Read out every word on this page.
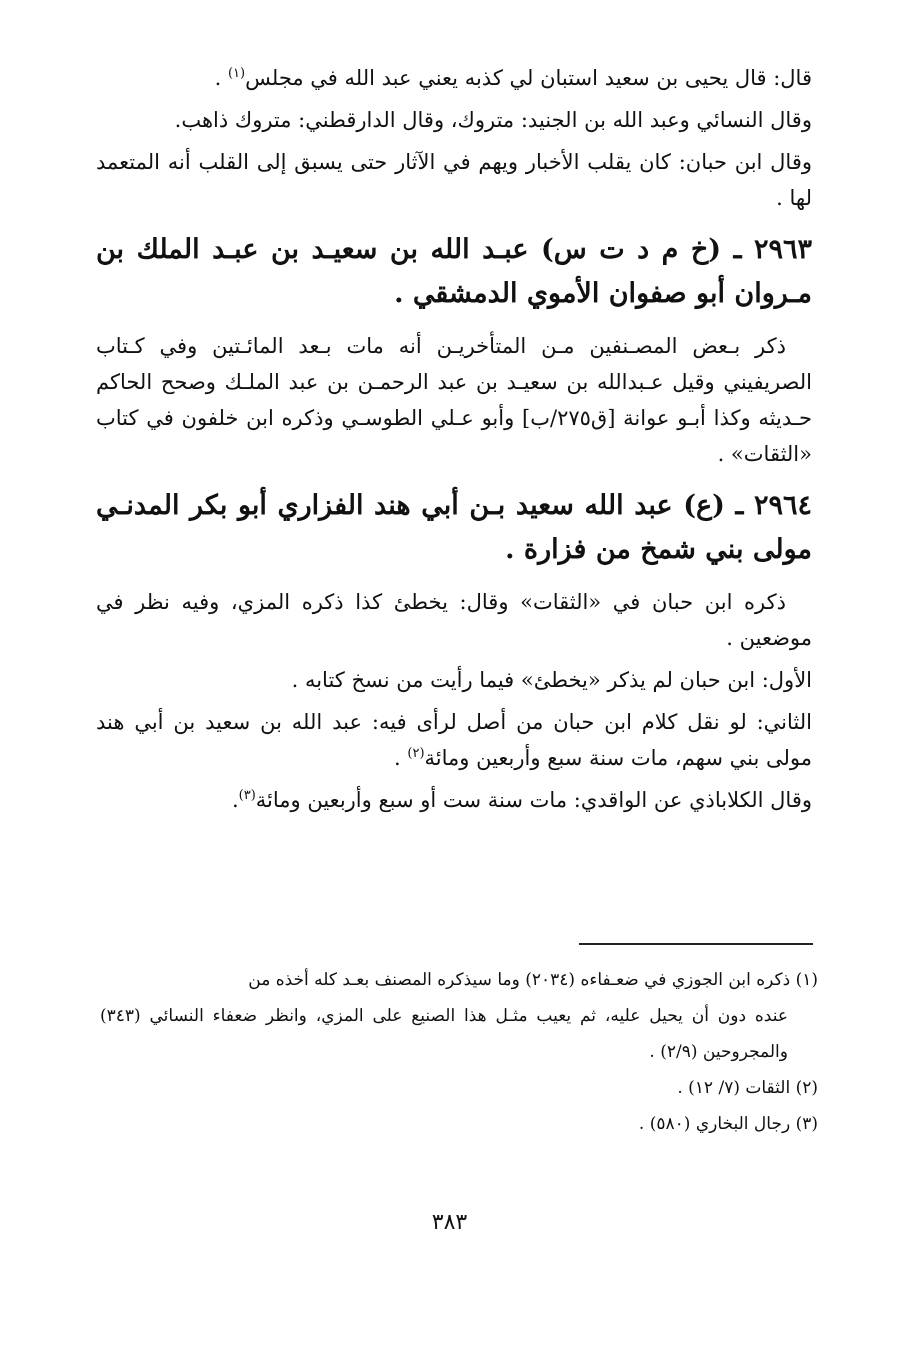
قال: قال يحيى بن سعيد استبان لي كذبه يعني عبد الله في مجلس$^{(١)}$ .

وقال النسائي وعبد الله بن الجنيد: متروك، وقال الدارقطني: متروك ذاهب.

وقال ابن حبان: كان يقلب الأخبار ويهم في الآثار حتى يسبق إلى القلب أنه المتعمد لها .

٢٩٦٣ ـ (خ م د ت س) عبـد الله بن سعيـد بن عبـد الملك بن مـروان أبو صفوان الأموي الدمشقي .

ذكر بـعض المصـنفين مـن المتأخريـن أنه مات بـعد المائـتين وفي كـتاب الصريفيني وقيل عـبدالله بن سعيـد بن عبد الرحمـن بن عبد الملـك وصحح الحاكم حـديثه وكذا أبـو عوانة [ق٢٧٥/ب] وأبو عـلي الطوسـي وذكره ابن خلفون في كتاب «الثقات» .

٢٩٦٤ ـ (ع) عبد الله سعيد بـن أبي هند الفزاري أبو بكر المدنـي مولى بني شمخ من فزارة .

ذكره ابن حبان في «الثقات» وقال: يخطئ كذا ذكره المزي، وفيه نظر في موضعين .

الأول: ابن حبان لم يذكر «يخطئ» فيما رأيت من نسخ كتابه .

الثاني: لو نقل كلام ابن حبان من أصل لرأى فيه: عبد الله بن سعيد بن أبي هند مولى بني سهم، مات سنة سبع وأربعين ومائة$^{(٢)}$ .

وقال الكلاباذي عن الواقدي: مات سنة ست أو سبع وأربعين ومائة$^{(٣)}$.

(١) ذكره ابن الجوزي في ضعـفاءه (٢٠٣٤) وما سيذكره المصنف بعـد كله أخذه من

عنده دون أن يحيل عليه، ثم يعيب مثـل هذا الصنيع على المزي، وانظر ضعفاء النسائي (٣٤٣) والمجروحين (٢/٩) .

(٢) الثقات (٧/ ١٢) .

(٣) رجال البخاري (٥٨٠) .

٣٨٣
